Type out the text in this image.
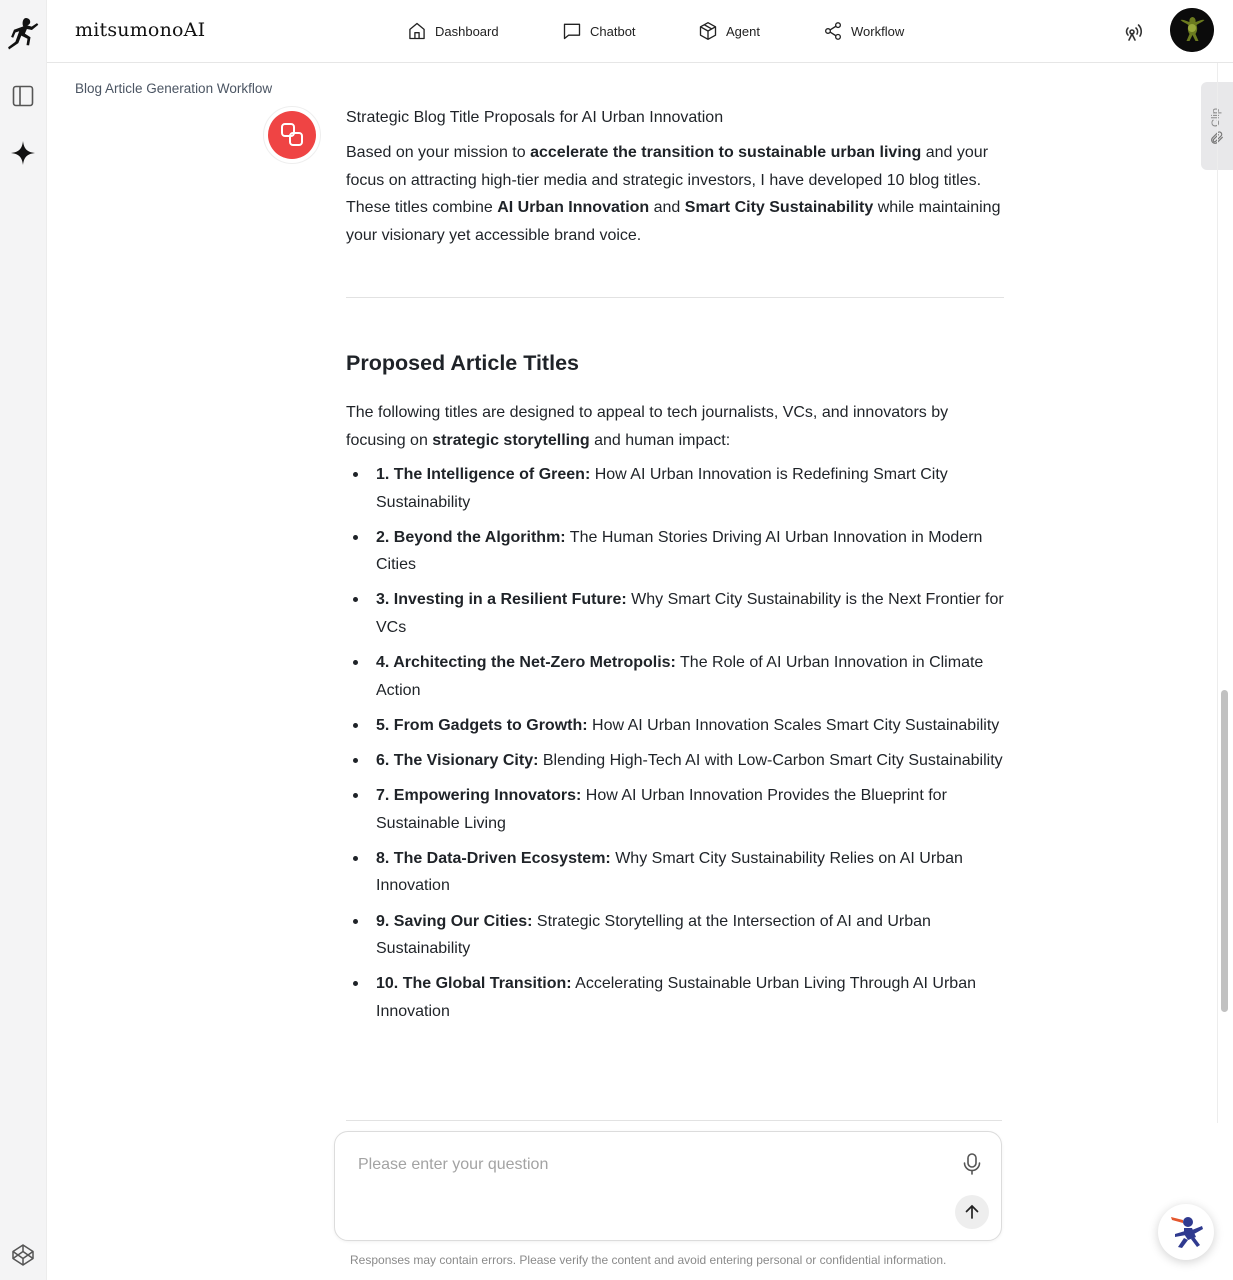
mitsumonoAI	Dashboard	Chatbot	Agent	Workflow
Blog Article Generation Workflow
Clip
Strategic Blog Title Proposals for AI Urban Innovation

Based on your mission to accelerate the transition to sustainable urban living and your focus on attracting high-tier media and strategic investors, I have developed 10 blog titles. These titles combine AI Urban Innovation and Smart City Sustainability while maintaining your visionary yet accessible brand voice.

Proposed Article Titles

The following titles are designed to appeal to tech journalists, VCs, and innovators by focusing on strategic storytelling and human impact:

1. The Intelligence of Green: How AI Urban Innovation is Redefining Smart City Sustainability
2. Beyond the Algorithm: The Human Stories Driving AI Urban Innovation in Modern Cities
3. Investing in a Resilient Future: Why Smart City Sustainability is the Next Frontier for VCs
4. Architecting the Net-Zero Metropolis: The Role of AI Urban Innovation in Climate Action
5. From Gadgets to Growth: How AI Urban Innovation Scales Smart City Sustainability
6. The Visionary City: Blending High-Tech AI with Low-Carbon Smart City Sustainability
7. Empowering Innovators: How AI Urban Innovation Provides the Blueprint for Sustainable Living
8. The Data-Driven Ecosystem: Why Smart City Sustainability Relies on AI Urban Innovation
9. Saving Our Cities: Strategic Storytelling at the Intersection of AI and Urban Sustainability
10. The Global Transition: Accelerating Sustainable Urban Living Through AI Urban Innovation
Please enter your question
Responses may contain errors. Please verify the content and avoid entering personal or confidential information.
